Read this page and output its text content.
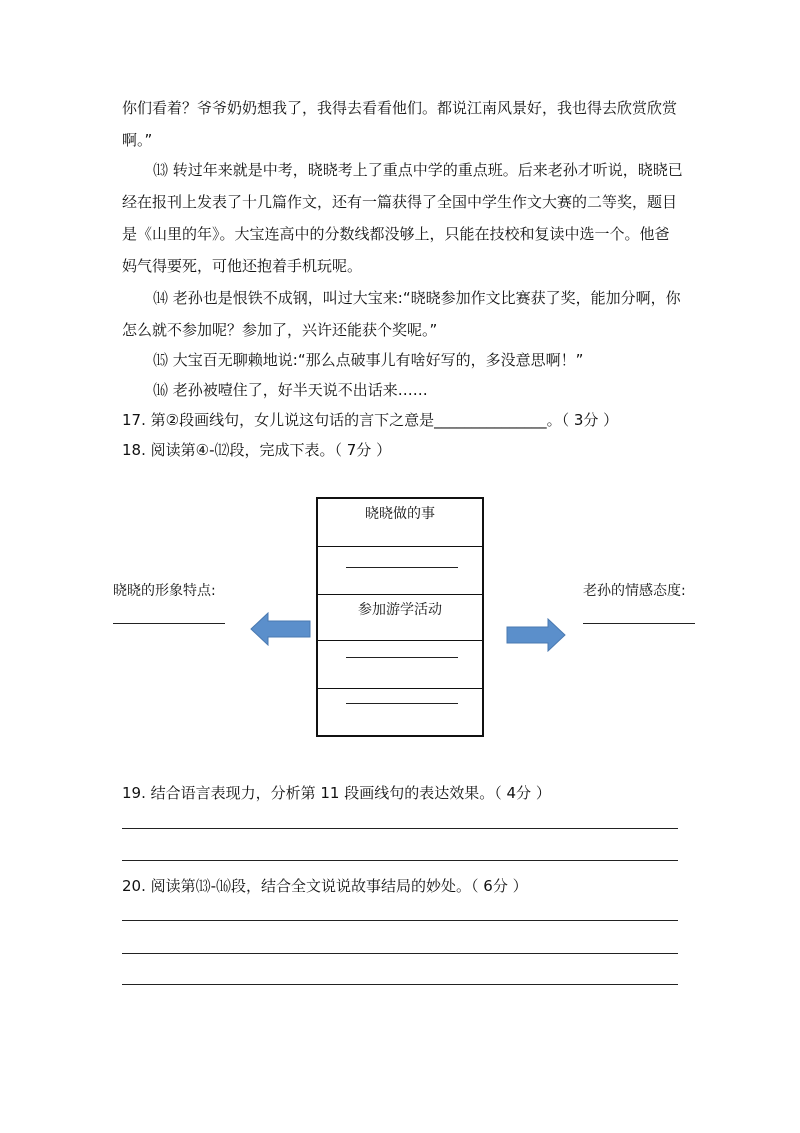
你们看着？爷爷奶奶想我了，我得去看看他们。都说江南风景好，我也得去欣赏欣赏
啊。”
⒀ 转过年来就是中考，晓晓考上了重点中学的重点班。后来老孙才听说，晓晓已
经在报刊上发表了十几篇作文，还有一篇获得了全国中学生作文大赛的二等奖，题目
是《山里的年》。大宝连高中的分数线都没够上，只能在技校和复读中选一个。他爸
妈气得要死，可他还抱着手机玩呢。
⒁ 老孙也是恨铁不成钢，叫过大宝来:“晓晓参加作文比赛获了奖，能加分啊，你
怎么就不参加呢？参加了，兴许还能获个奖呢。”
⒂ 大宝百无聊赖地说:“那么点破事儿有啥好写的，多没意思啊！”
⒃ 老孙被噎住了，好半天说不出话来……
17. 第②段画线句，女儿说这句话的言下之意是_______________。（ 3分 ）
18. 阅读第④-⑿段，完成下表。（ 7分 ）
晓晓做的事
参加游学活动
晓晓的形象特点:	老孙的情感态度:
19. 结合语言表现力，分析第 11 段画线句的表达效果。（ 4分 ）
20. 阅读第⒀-⒃段，结合全文说说故事结局的妙处。（ 6分 ）
